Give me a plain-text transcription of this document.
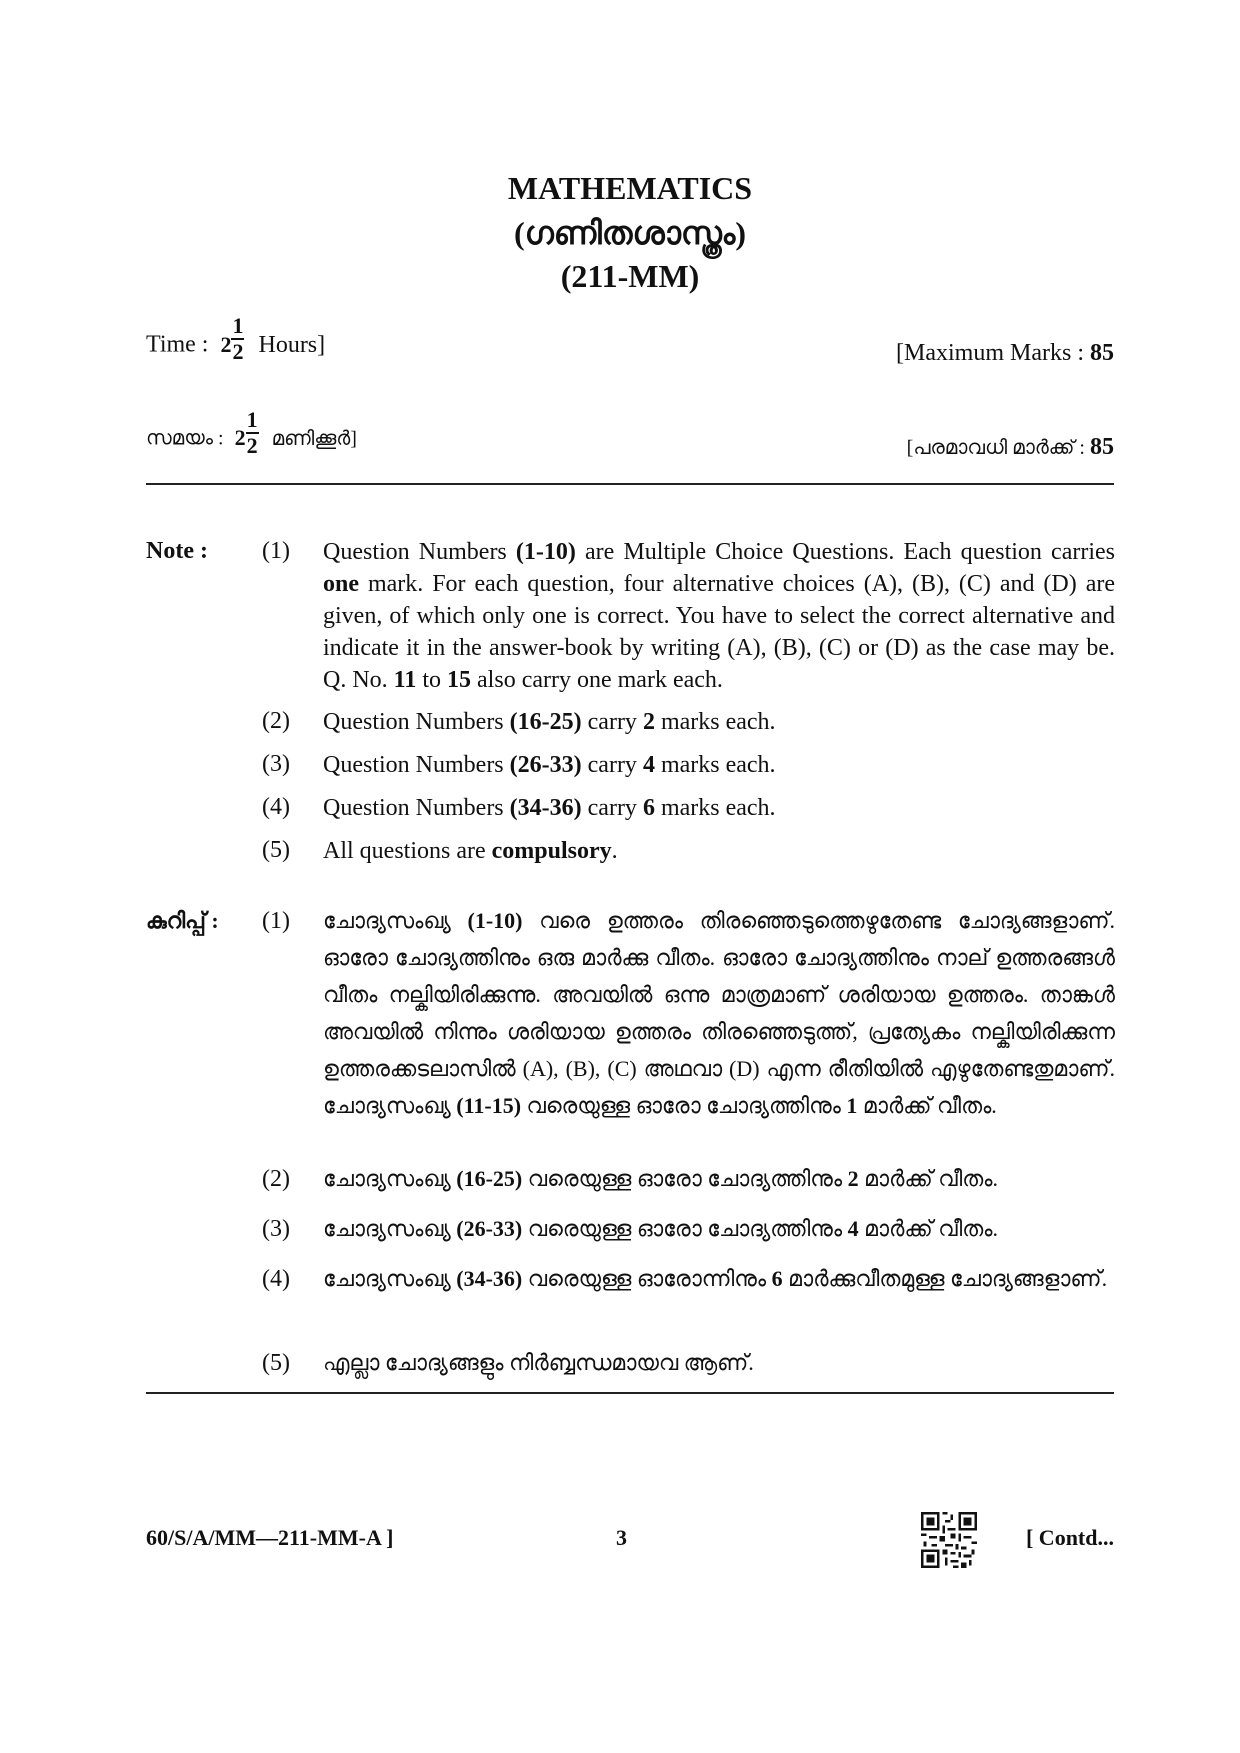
MATHEMATICS
(ഗണിതശാസ്ത്രം)
(211-MM)
Time : $2 \frac{1}{2}$ Hours]	[Maximum Marks : 85
സമയം : $2 \frac{1}{2}$ മണിക്കൂർ]	[പരമാവധി മാർക്ക് : 85
Note : (1) Question Numbers (1-10) are Multiple Choice Questions. Each question carries one mark. For each question, four alternative choices (A), (B), (C) and (D) are given, of which only one is correct. You have to select the correct alternative and indicate it in the answer-book by writing (A), (B), (C) or (D) as the case may be. Q. No. 11 to 15 also carry one mark each.
(2) Question Numbers (16-25) carry 2 marks each.
(3) Question Numbers (26-33) carry 4 marks each.
(4) Question Numbers (34-36) carry 6 marks each.
(5) All questions are compulsory.
കുറിപ്പ് : (1) ചോദ്യസംഖ്യ (1-10) വരെ ഉത്തരം തിരഞ്ഞെടുത്തെഴുതേണ്ട ചോദ്യങ്ങളാണ്. ഓരോ ചോദ്യത്തിനും ഒരു മാർക്കു വീതം. ഓരോ ചോദ്യത്തിനും നാല് ഉത്തരങ്ങൾ വീതം നല്കിയിരിക്കുന്നു. അവയിൽ ഒന്നു മാത്രമാണ് ശരിയായ ഉത്തരം. താങ്കൾ അവയിൽ നിന്നും ശരിയായ ഉത്തരം തിരഞ്ഞെടുത്ത്, പ്രത്യേകം നല്കിയിരിക്കുന്ന ഉത്തരക്കടലാസിൽ (A), (B), (C) അഥവാ (D) എന്ന രീതിയിൽ എഴുതേണ്ടതുമാണ്. ചോദ്യസംഖ്യ (11-15) വരെയുള്ള ഓരോ ചോദ്യത്തിനും 1 മാർക്ക് വീതം.
(2) ചോദ്യസംഖ്യ (16-25) വരെയുള്ള ഓരോ ചോദ്യത്തിനും 2 മാർക്ക് വീതം.
(3) ചോദ്യസംഖ്യ (26-33) വരെയുള്ള ഓരോ ചോദ്യത്തിനും 4 മാർക്ക് വീതം.
(4) ചോദ്യസംഖ്യ (34-36) വരെയുള്ള ഓരോന്നിനും 6 മാർക്കുവീതമുള്ള ചോദ്യങ്ങളാണ്.
(5) എല്ലാ ചോദ്യങ്ങളും നിർബ്ബന്ധമായവ ആണ്.
60/S/A/MM—211-MM-A ]	3	[ Contd...
